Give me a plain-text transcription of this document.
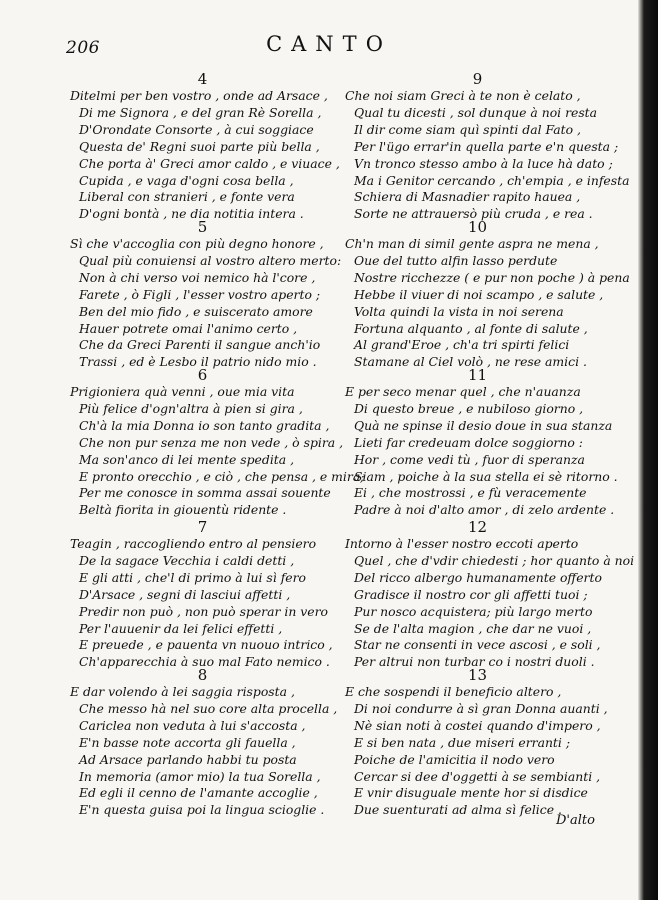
206	CANTO
4
Ditelmi per ben vostro , onde ad Arsace ,
Di me Signora , e del gran Rè Sorella ,
D'Orondate Consorte , à cui soggiace
Questa de' Regni suoi parte più bella ,
Che porta à' Greci amor caldo , e viuace ,
Cupida , e vaga d'ogni cosa bella ,
Liberal con stranieri , e fonte vera
D'ogni bontà , ne dia notitia intera .
5
Sì che v'accoglia con più degno honore ,
Qual più conuiensi al vostro altero merto:
Non à chi verso voi nemico hà l'core ,
Farete , ò Figli , l'esser vostro aperto ;
Ben del mio fido , e suiscerato amore
Hauer potrete omai l'animo certo ,
Che da Greci Parenti il sangue anch'io
Trassi , ed è Lesbo il patrio nido mio .
6
Prigioniera quà venni , oue mia vita
Più felice d'ogn'altra à pien si gira ,
Ch'à la mia Donna io son tanto gradita ,
Che non pur senza me non vede , ò spira ,
Ma son'anco di lei mente spedita ,
E pronto orecchio , e ciò , che pensa , e mira;
Per me conosce in somma assai souente
Beltà fiorita in giouentù ridente .
7
Teagin , raccogliendo entro al pensiero
De la sagace Vecchia i caldi detti ,
E gli atti , che'l di primo à lui sì fero
D'Arsace , segni di lasciui affetti ,
Predir non può , non può sperar in vero
Per l'auuenir da lei felici effetti ,
E preuede , e pauenta vn nuouo intrico ,
Ch'apparecchia à suo mal Fato nemico .
8
E dar volendo à lei saggia risposta ,
Che messo hà nel suo core alta procella ,
Cariclea non veduta à lui s'accosta ,
E'n basse note accorta gli fauella ,
Ad Arsace parlando habbi tu posta
In memoria (amor mio) la tua Sorella ,
Ed egli il cenno de l'amante accoglie ,
E'n questa guisa poi la lingua scioglie .
9
Che noi siam Greci à te non è celato ,
Qual tu dicesti , sol dunque à noi resta
Il dir come siam quì spinti dal Fato ,
Per l'ügo errar'in quella parte e'n questa ;
Vn tronco stesso ambo à la luce hà dato ;
Ma i Genitor cercando , ch'empia , e infesta
Schiera di Masnadier rapito hauea ,
Sorte ne attrauersò più cruda , e rea .
10
Ch'n man di simil gente aspra ne mena ,
Oue del tutto alfin lasso perdute
Nostre ricchezze ( e pur non poche ) à pena
Hebbe il viuer di noi scampo , e salute ,
Volta quindi la vista in noi serena
Fortuna alquanto , al fonte di salute ,
Al grand'Eroe , ch'a tri spirti felici
Stamane al Ciel volò , ne rese amici .
11
E per seco menar quel , che n'auanza
Di questo breue , e nubiloso giorno ,
Quà ne spinse il desio doue in sua stanza
Lieti far credeuam dolce soggiorno :
Hor , come vedi tù , fuor di speranza
Siam , poiche à la sua stella ei sè ritorno .
Ei , che mostrossi , e fù veracemente
Padre à noi d'alto amor , di zelo ardente .
12
Intorno à l'esser nostro eccoti aperto
Quel , che d'vdir chiedesti ; hor quanto à noi
Del ricco albergo humanamente offerto
Gradisce il nostro cor gli affetti tuoi ;
Pur nosco acquistera; più largo merto
Se de l'alta magion , che dar ne vuoi ,
Star ne consenti in vece ascosi , e soli ,
Per altrui non turbar co i nostri duoli .
13
E che sospendi il beneficio altero ,
Di noi condurre à sì gran Donna auanti ,
Nè sian noti à costei quando d'impero ,
E si ben nata , due miseri erranti ;
Poiche de l'amicitia il nodo vero
Cercar si dee d'oggetti à se sembianti ,
E vnir disuguale mente hor si disdice
Due suenturati ad alma sì felice .
D'alto
